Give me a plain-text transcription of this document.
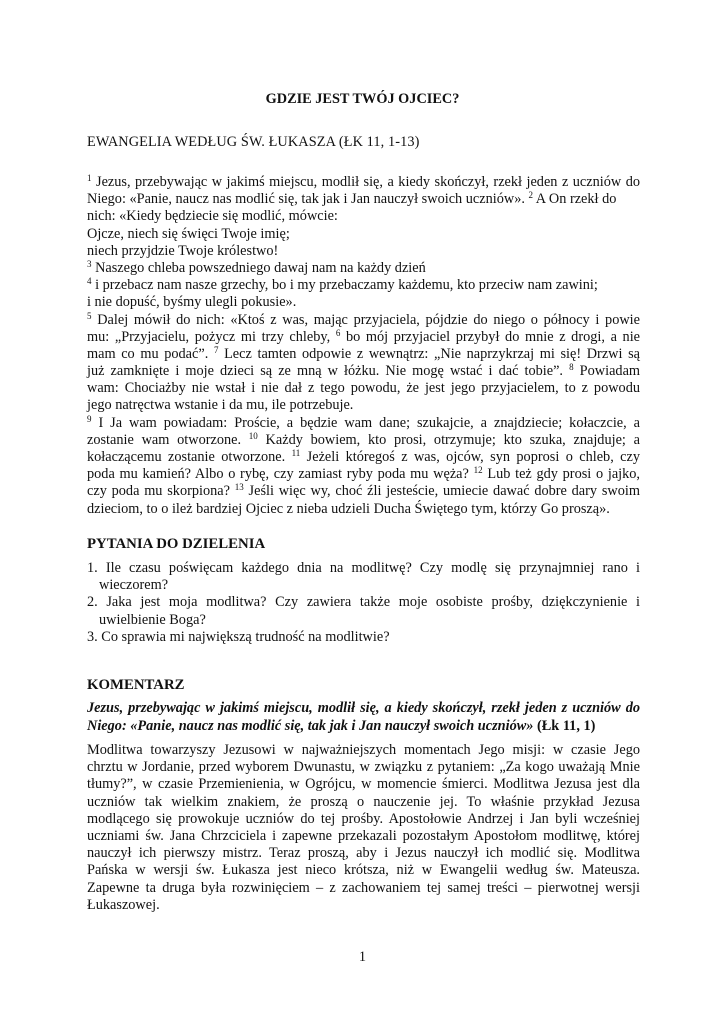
GDZIE JEST TWÓJ OJCIEC?
EWANGELIA WEDŁUG ŚW. ŁUKASZA (ŁK 11, 1-13)
$^1$ Jezus, przebywając w jakimś miejscu, modlił się, a kiedy skończył, rzekł jeden z uczniów do
Niego: «Panie, naucz nas modlić się, tak jak i Jan nauczył swoich uczniów». $^2$ A On rzekł do
nich: «Kiedy będziecie się modlić, mówcie:
Ojcze, niech się święci Twoje imię;
niech przyjdzie Twoje królestwo!
$^3$ Naszego chleba powszedniego dawaj nam na każdy dzień
$^4$ i przebacz nam nasze grzechy, bo i my przebaczamy każdemu, kto przeciw nam zawini;
i nie dopuść, byśmy ulegli pokusie».
$^5$ Dalej mówił do nich: «Ktoś z was, mając przyjaciela, pójdzie do niego o północy i powie
mu: „Przyjacielu, pożycz mi trzy chleby, $^6$ bo mój przyjaciel przybył do mnie z drogi, a nie
mam co mu podać”. $^7$ Lecz tamten odpowie z wewnątrz: „Nie naprzykrzaj mi się! Drzwi są
już zamknięte i moje dzieci są ze mną w łóżku. Nie mogę wstać i dać tobie”. $^8$ Powiadam
wam: Chociażby nie wstał i nie dał z tego powodu, że jest jego przyjacielem, to z powodu
jego natręctwa wstanie i da mu, ile potrzebuje.
$^9$ I Ja wam powiadam: Proście, a będzie wam dane; szukajcie, a znajdziecie; kołaczcie, a
zostanie wam otworzone. $^{10}$ Każdy bowiem, kto prosi, otrzymuje; kto szuka, znajduje; a
kołaczącemu zostanie otworzone. $^{11}$ Jeżeli któregoś z was, ojców, syn poprosi o chleb, czy
poda mu kamień? Albo o rybę, czy zamiast ryby poda mu węża? $^{12}$ Lub też gdy prosi o jajko,
czy poda mu skorpiona? $^{13}$ Jeśli więc wy, choć źli jesteście, umiecie dawać dobre dary swoim
dzieciom, to o ileż bardziej Ojciec z nieba udzieli Ducha Świętego tym, którzy Go proszą».
PYTANIA DO DZIELENIA
1. Ile czasu poświęcam każdego dnia na modlitwę? Czy modlę się przynajmniej rano i
wieczorem?
2. Jaka jest moja modlitwa? Czy zawiera także moje osobiste prośby, dziękczynienie i
uwielbienie Boga?
3. Co sprawia mi największą trudność na modlitwie?
KOMENTARZ
Jezus, przebywając w jakimś miejscu, modlił się, a kiedy skończył, rzekł jeden z uczniów do
Niego: «Panie, naucz nas modlić się, tak jak i Jan nauczył swoich uczniów» (Łk 11, 1)
Modlitwa towarzyszy Jezusowi w najważniejszych momentach Jego misji: w czasie Jego
chrztu w Jordanie, przed wyborem Dwunastu, w związku z pytaniem: „Za kogo uważają Mnie
tłumy?”, w czasie Przemienienia, w Ogrójcu, w momencie śmierci. Modlitwa Jezusa jest dla
uczniów tak wielkim znakiem, że proszą o nauczenie jej. To właśnie przykład Jezusa
modlącego się prowokuje uczniów do tej prośby. Apostołowie Andrzej i Jan byli wcześniej
uczniami św. Jana Chrzciciela i zapewne przekazali pozostałym Apostołom modlitwę, której
nauczył ich pierwszy mistrz. Teraz proszą, aby i Jezus nauczył ich modlić się. Modlitwa
Pańska w wersji św. Łukasza jest nieco krótsza, niż w Ewangelii według św. Mateusza.
Zapewne ta druga była rozwinięciem – z zachowaniem tej samej treści – pierwotnej wersji
Łukaszowej.
1
